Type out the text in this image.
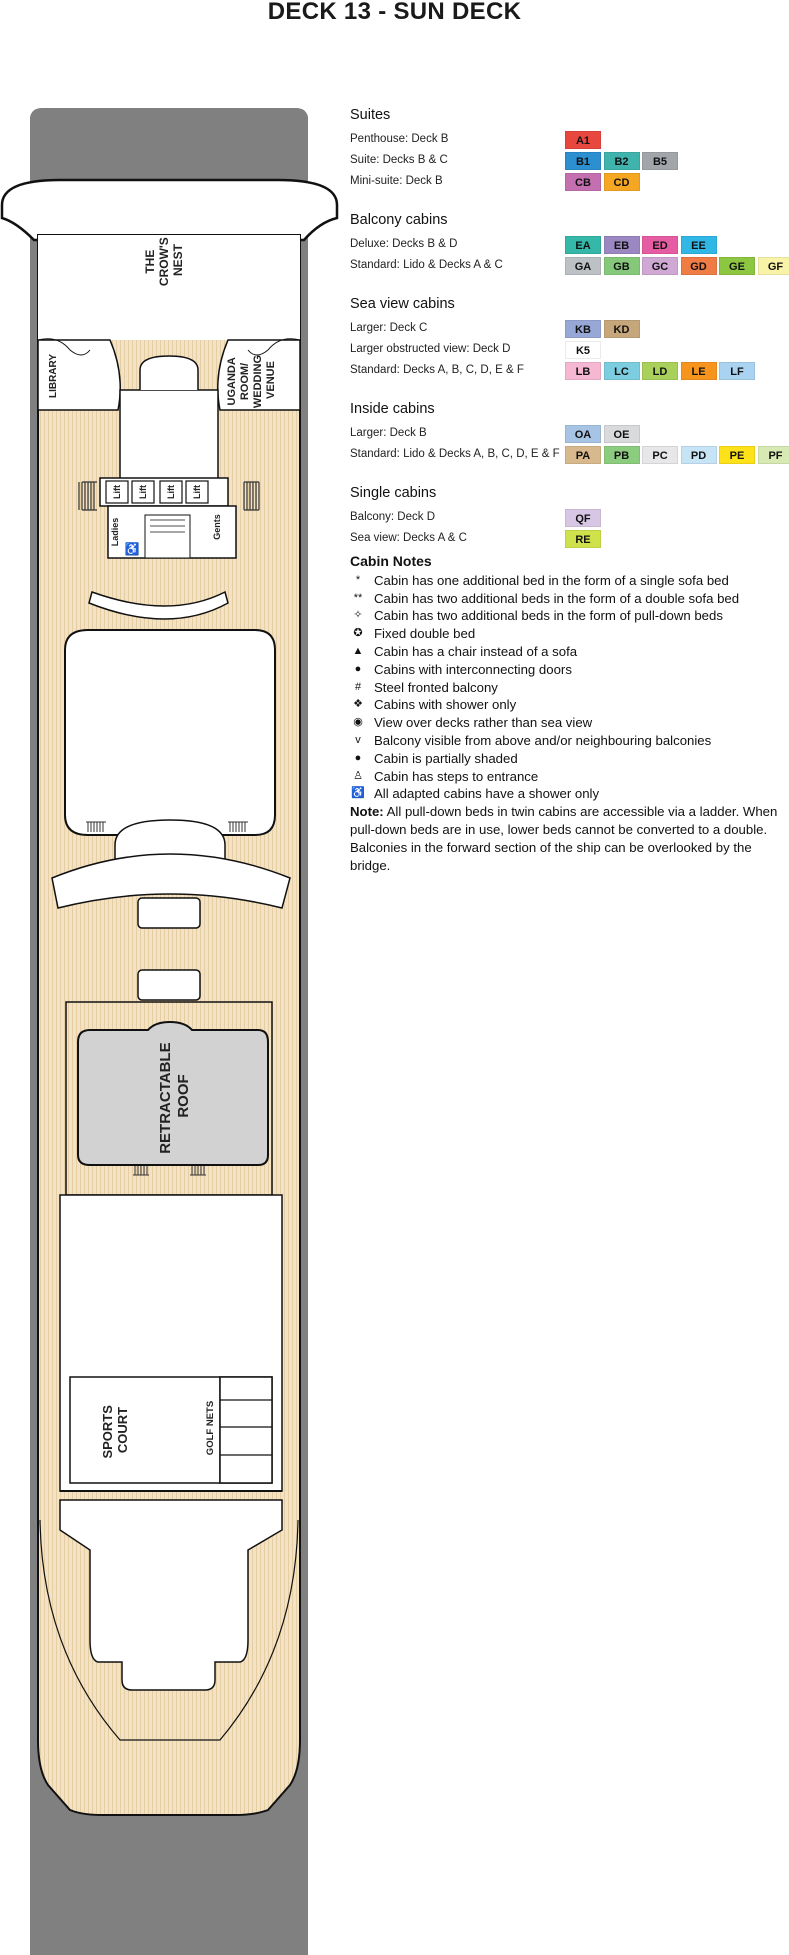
DECK 13 - SUN DECK
♿
THE CROW'S NEST
LIBRARY	UGANDA ROOM/ WEDDING VENUE
Lift Lift Lift Lift
Ladies	Gents
RETRACTABLE ROOF
SPORTS COURT	GOLF NETS
Suites
Penthouse: Deck B	A1
Suite: Decks B & C	B1	B2	B5
Mini-suite: Deck B	CB	CD
Balcony cabins
Deluxe: Decks B & D	EA	EB	ED	EE
Standard: Lido & Decks A & C	GA	GB	GC	GD	GE	GF
Sea view cabins
Larger: Deck C	KB	KD
Larger obstructed view: Deck D	K5
Standard: Decks A, B, C, D, E & F	LB	LC	LD	LE	LF
Inside cabins
Larger: Deck B	OA	OE
Standard: Lido & Decks A, B, C, D, E & F	PA	PB	PC	PD	PE	PF
Single cabins
Balcony: Deck D	QF
Sea view: Decks A & C	RE
Cabin Notes
*	Cabin has one additional bed in the form of a single sofa bed
** Cabin has two additional beds in the form of a double sofa bed
✧ Cabin has two additional beds in the form of pull-down beds
✪ Fixed double bed
▲ Cabin has a chair instead of a sofa
● Cabins with interconnecting doors
# Steel fronted balcony
❖ Cabins with shower only
◉ View over decks rather than sea view
v	Balcony visible from above and/or neighbouring balconies
● Cabin is partially shaded
♙ Cabin has steps to entrance
♿ All adapted cabins have a shower only
Note: All pull-down beds in twin cabins are accessible via a ladder. When pull-down beds are in use, lower beds cannot be converted to a double. Balconies in the forward section of the ship can be overlooked by the bridge.
